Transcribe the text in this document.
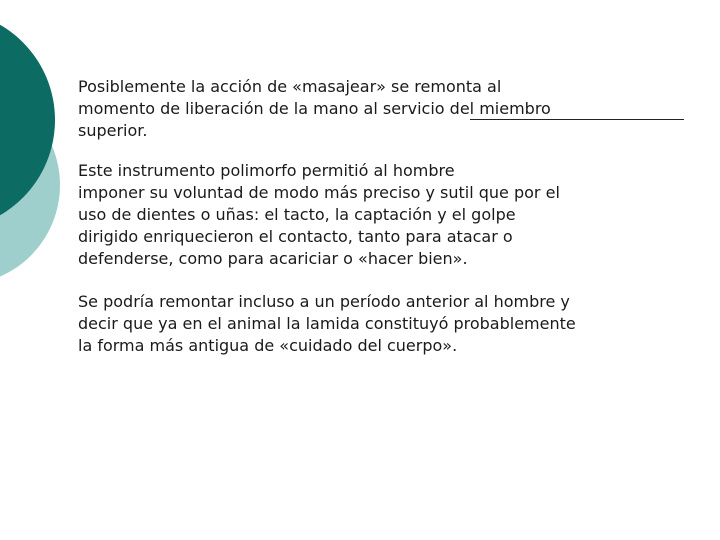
Posiblemente la acción de «masajear» se remonta al
momento de liberación de la mano al servicio del miembro
superior.

Este instrumento polimorfo permitió al hombre
imponer su voluntad de modo más preciso y sutil que por el
uso de dientes o uñas: el tacto, la captación y el golpe
dirigido enriquecieron el contacto, tanto para atacar o
defenderse, como para acariciar o «hacer bien».

Se podría remontar incluso a un período anterior al hombre y
decir que ya en el animal la lamida constituyó probablemente
la forma más antigua de «cuidado del cuerpo».
